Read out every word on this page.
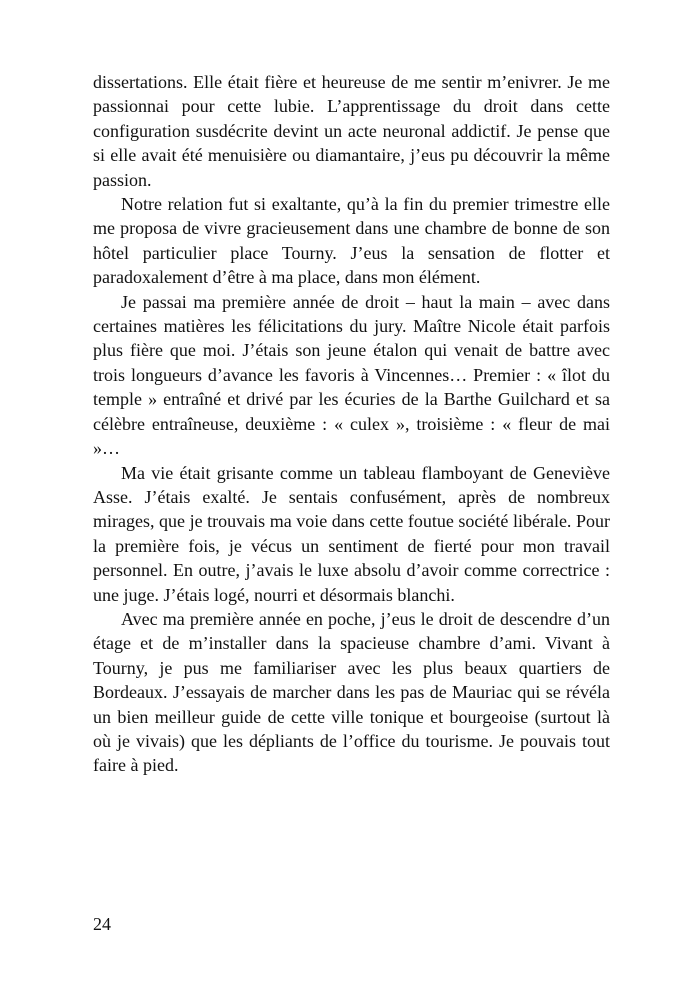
dissertations. Elle était fière et heureuse de me sentir m’enivrer. Je me passionnai pour cette lubie. L’apprentissage du droit dans cette configuration susdécrite devint un acte neuronal addictif. Je pense que si elle avait été menuisière ou diamantaire, j’eus pu découvrir la même passion.

Notre relation fut si exaltante, qu’à la fin du premier trimestre elle me proposa de vivre gracieusement dans une chambre de bonne de son hôtel particulier place Tourny. J’eus la sensation de flotter et paradoxalement d’être à ma place, dans mon élément.

Je passai ma première année de droit – haut la main – avec dans certaines matières les félicitations du jury. Maître Nicole était parfois plus fière que moi. J’étais son jeune étalon qui venait de battre avec trois longueurs d’avance les favoris à Vincennes… Premier : « îlot du temple » entraîné et drivé par les écuries de la Barthe Guilchard et sa célèbre entraîneuse, deuxième : « culex », troisième : « fleur de mai »…

Ma vie était grisante comme un tableau flamboyant de Geneviève Asse. J’étais exalté. Je sentais confusément, après de nombreux mirages, que je trouvais ma voie dans cette foutue société libérale. Pour la première fois, je vécus un sentiment de fierté pour mon travail personnel. En outre, j’avais le luxe absolu d’avoir comme correctrice : une juge. J’étais logé, nourri et désormais blanchi.

Avec ma première année en poche, j’eus le droit de descendre d’un étage et de m’installer dans la spacieuse chambre d’ami. Vivant à Tourny, je pus me familiariser avec les plus beaux quartiers de Bordeaux. J’essayais de marcher dans les pas de Mauriac qui se révéla un bien meilleur guide de cette ville tonique et bourgeoise (surtout là où je vivais) que les dépliants de l’office du tourisme. Je pouvais tout faire à pied.

24
